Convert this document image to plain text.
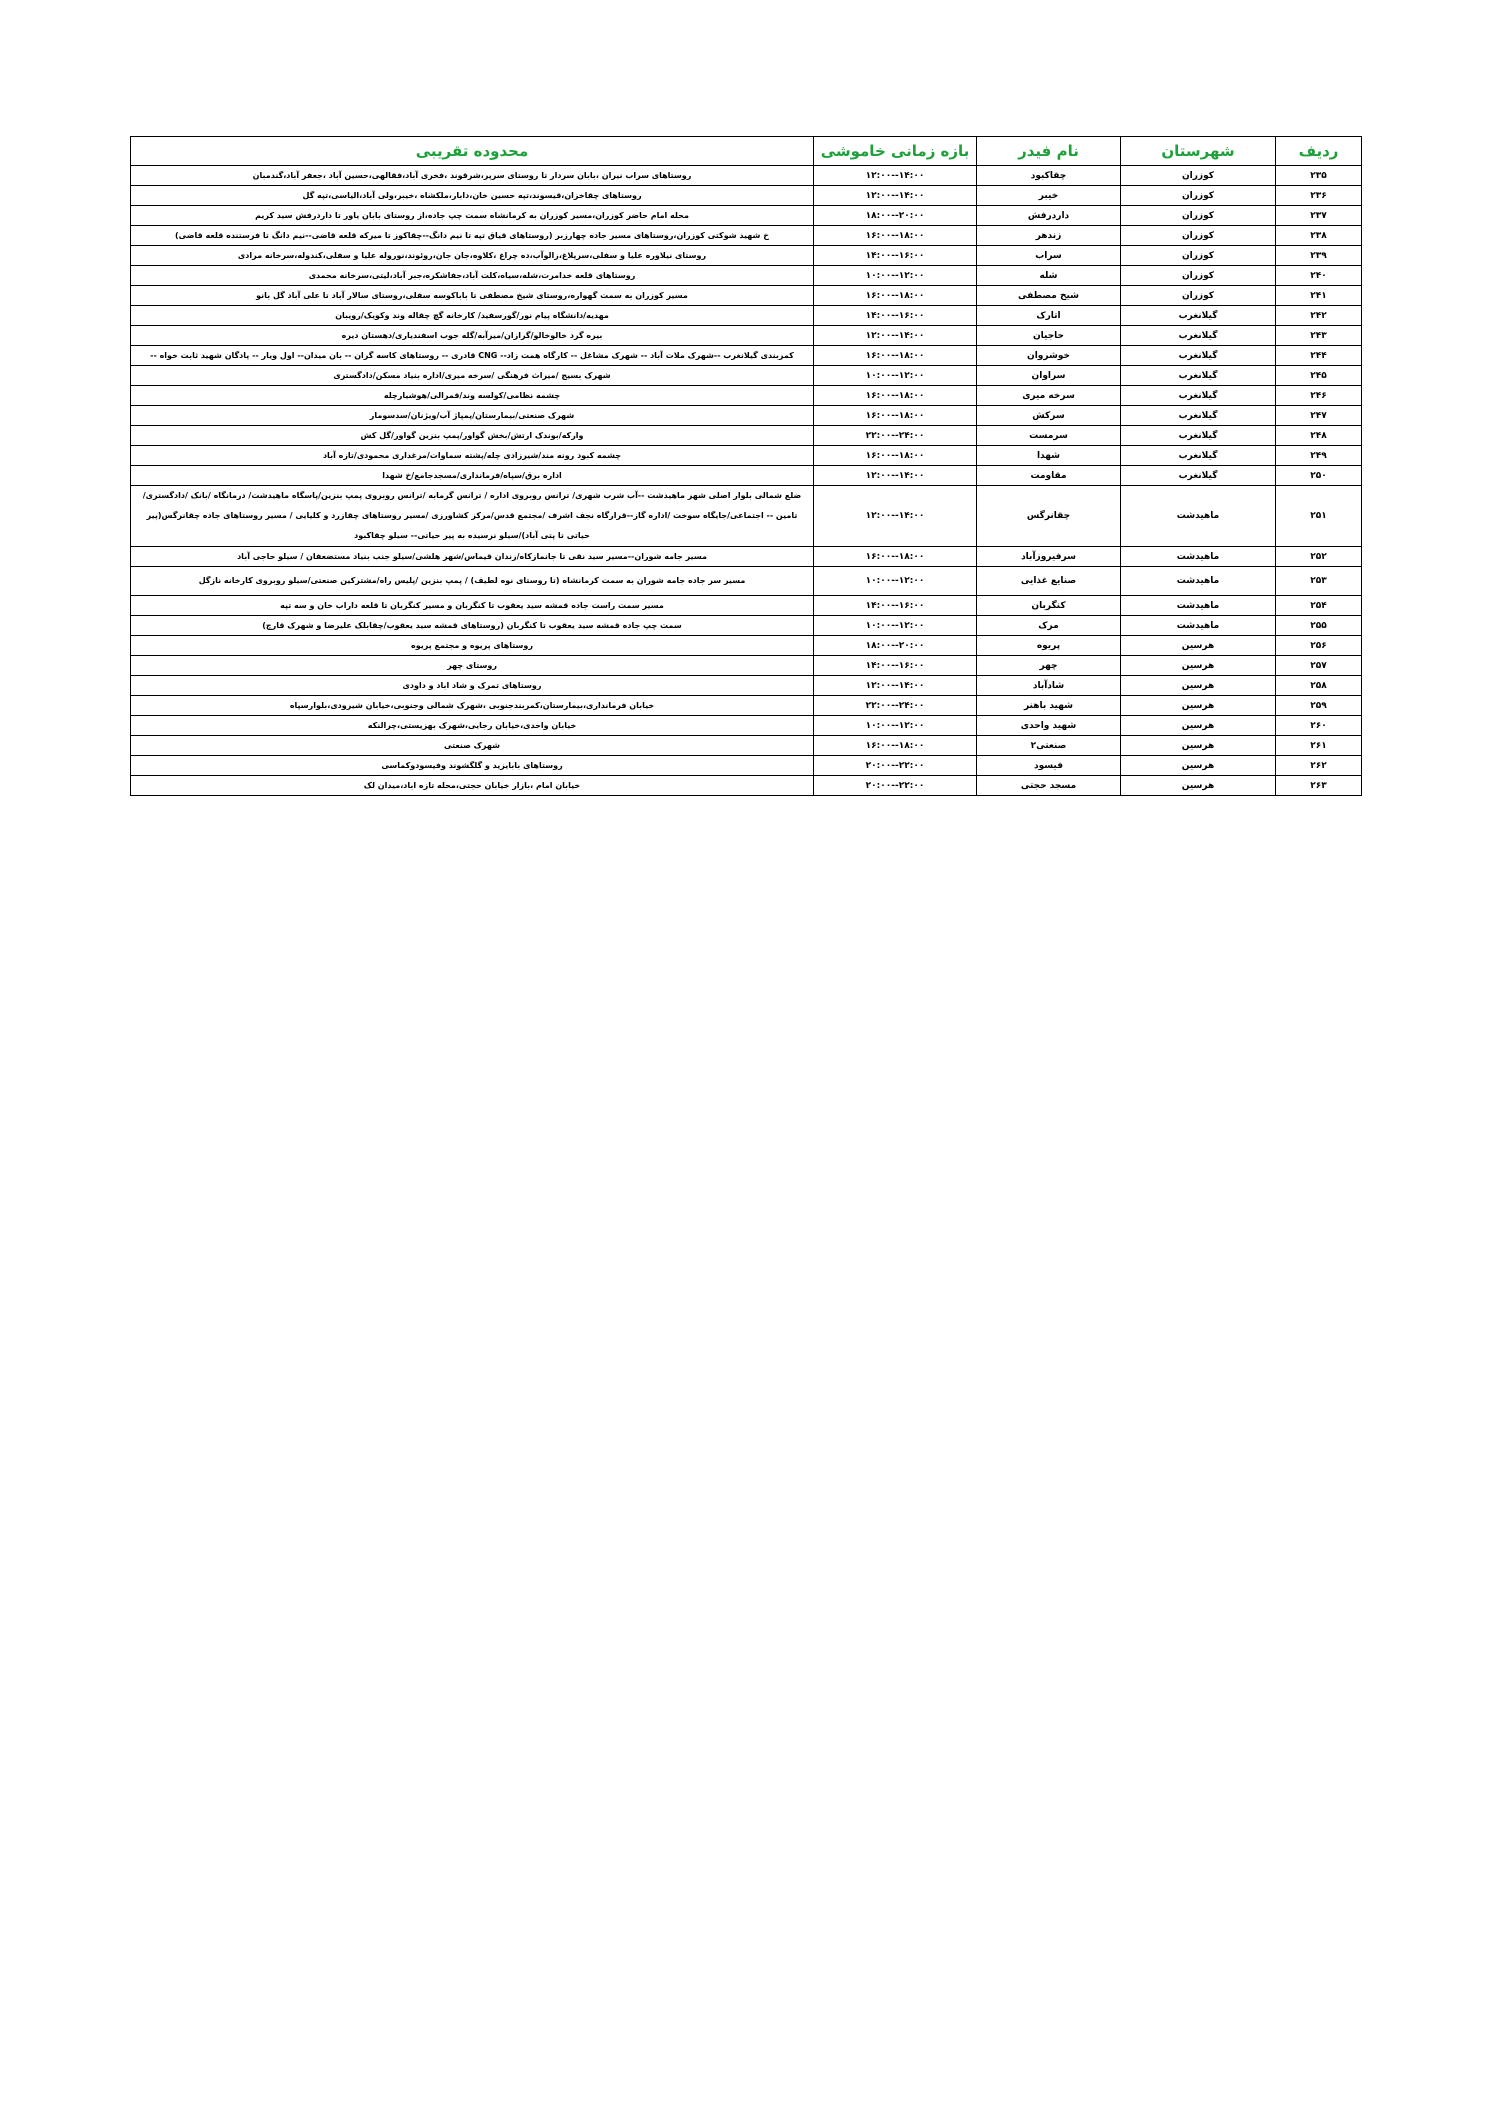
ردیف	شهرستان	نام فیدر	بازه زمانی خاموشی	محدوده تقریبی
۲۳۵	کوزران	چقاکبود	۱۴:۰۰--۱۲:۰۰	روستاهای سراب نیران ،بابان سردار تا روستای سرپر،شرقوند ،فخری آباد،فقالهی،حسین آباد ،جعفر آباد،گندمبان
۲۳۶	کوزران	خیبر	۱۴:۰۰--۱۲:۰۰	روستاهای چقاخزان،قیسوند،تپه حسین خان،دابار،ملکشاه ،خیبر،ولی آباد،الیاسی،تپه گل
۲۳۷	کوزران	داردرفش	۲۰:۰۰--۱۸:۰۰	محله امام حاضر کوزران،مسیر کوزران به کرمانشاه سمت چپ جاده،از روستای بابان یاور تا داردرفش سید کریم
۲۳۸	کوزران	زندهر	۱۸:۰۰--۱۶:۰۰	خ شهید شوکتی کوزران،روستاهای مسیر جاده چهارزبر (روستاهای قیاق تپه تا نیم دانگ--چقاکوز تا میرکه قلعه قاضی--نیم دانگ تا فرستنده قلعه قاضی)
۲۳۹	کوزران	سراب	۱۶:۰۰--۱۴:۰۰	روستای نیلاوره علیا و سفلی،سرپلاغ،زالوآب،ده چراغ ،کلاوه،جان جان،روئوند،نوروله علیا و سفلی،کندوله،سرخانه مرادی
۲۴۰	کوزران	شله	۱۲:۰۰--۱۰:۰۰	روستاهای قلعه خدامرت،شله،سیاه،کلت آباد،جفاشکره،جبر آباد،لیتی،سرخانه محمدی
۲۴۱	کوزران	شیخ مصطفی	۱۸:۰۰--۱۶:۰۰	مسیر کوزران به سمت گهواره،روستای شیخ مصطفی تا باباکوسه سفلی،روستای سالار آباد تا علی آباد گل بانو
۲۴۲	گیلانغرب	اتارک	۱۶:۰۰--۱۴:۰۰	مهدیه/دانشگاه پیام نور/گورسفید/ کارخانه گچ چقاله وند وکویک/رویبان
۲۴۳	گیلانغرب	حاجیان	۱۴:۰۰--۱۲:۰۰	بیره گرد خالوخالو/گرازان/میرآبه/گله جوب اسفندیاری/دهستان دیره
۲۴۴	گیلانغرب	خوشروان	۱۸:۰۰--۱۶:۰۰	کمربندی گیلانغرب --شهرک ملات آباد -- شهرک مشاغل -- کارگاه همت زاد-- CNG قادری -- روستاهای کاسه گران -- بان میدان-- اول ویار -- پادگان شهید ثابت خواه --
۲۴۵	گیلانغرب	سراوان	۱۲:۰۰--۱۰:۰۰	شهرک بسیج /میراث فرهنگی /سرخه میری/اداره بنیاد مسکن/دادگستری
۲۴۶	گیلانغرب	سرخه میری	۱۸:۰۰--۱۶:۰۰	چشمه نظامی/کولسه وند/قمرالی/هوشیارچله
۲۴۷	گیلانغرب	سرکش	۱۸:۰۰--۱۶:۰۰	شهرک صنعتی/بیمارستان/پمپاژ آب/ویژنان/سدسومار
۲۴۸	گیلانغرب	سرمست	۲۴:۰۰--۲۲:۰۰	وارکه/بوندک ارتش/بخش گواور/پمپ بنزین گواور/گل کش
۲۴۹	گیلانغرب	شهدا	۱۸:۰۰--۱۶:۰۰	چشمه کبود رونه مند/شیرزادی چله/پشته سماوات/مرغداری محمودی/تازه آباد
۲۵۰	گیلانغرب	مقاومت	۱۴:۰۰--۱۲:۰۰	اداره برق/سپاه/فرمانداری/مسجدجامع/خ شهدا
۲۵۱	ماهیدشت	چقانرگس	۱۴:۰۰--۱۲:۰۰	ضلع شمالی بلوار اصلی شهر ماهیدشت --آب شرب شهری/ ترانس روبروی اداره / ترانس گرمابه /ترانس روبروی پمپ بنزین/پاسگاه ماهیدشت/ درمانگاه /بانک /دادگستری/تامین -- اجتماعی/جایگاه سوخت /اداره گاز--قرارگاه نجف اشرف /مجتمع قدس/مرکز کشاورزی /مسیر روستاهای چقازرد و کلیایی / مسیر روستاهای جاده چقانرگس(پیر حیاتی تا پتی آباد)/سیلو نرسیده به پیر حیاتی-- سیلو چقاکبود
۲۵۲	ماهیدشت	سرفیروزآباد	۱۸:۰۰--۱۶:۰۰	مسیر جامه شوران--مسیر سید نقی تا جانمازکاه/زندان قیماس/شهر هلشی/سیلو جنب بنیاد مستضعفان / سیلو حاجی آباد
۲۵۳	ماهیدشت	صنایع غذایی	۱۲:۰۰--۱۰:۰۰	مسیر سر جاده جامه شوران به سمت کرمانشاه (تا روستای نوه لطیف) / پمپ بنزین /پلیس راه/مشترکین صنعتی/سیلو روبروی کارخانه نازگل
۲۵۴	ماهیدشت	کنگربان	۱۶:۰۰--۱۴:۰۰	مسیر سمت راست جاده قمشه سید یعقوب تا کنگربان و مسیر کنگربان تا قلعه داراب خان و سه تپه
۲۵۵	ماهیدشت	مرک	۱۲:۰۰--۱۰:۰۰	سمت چپ جاده قمشه سید یعقوب تا کنگربان (روستاهای قمشه سید یعقوب/چقابلک علیرضا و شهرک قارچ)
۲۵۶	هرسین	پریوه	۲۰:۰۰--۱۸:۰۰	روستاهای پریوه و مجتمع پریوه
۲۵۷	هرسین	چهر	۱۶:۰۰--۱۴:۰۰	روستای چهر
۲۵۸	هرسین	شادآباد	۱۴:۰۰--۱۲:۰۰	روستاهای تمرک و شاد اباد و داودی
۲۵۹	هرسین	شهید باهنر	۲۴:۰۰--۲۲:۰۰	خیابان فرمانداری،بیمارستان،کمربندجنوبی ،شهرک شمالی وجنوبی،خیابان شیرودی،بلوارسپاه
۲۶۰	هرسین	شهید واحدی	۱۲:۰۰--۱۰:۰۰	خیابان واحدی،خیابان رجایی،شهرک بهزیستی،چرالنکه
۲۶۱	هرسین	صنعتی۲	۱۸:۰۰--۱۶:۰۰	شهرک صنعتی
۲۶۲	هرسین	فیسود	۲۲:۰۰--۲۰:۰۰	روستاهای بابایزید و گلگشوند وفیسودوکماسی
۲۶۳	هرسین	مسجد حجتی	۲۲:۰۰--۲۰:۰۰	خیابان امام ،بازار خیابان حجتی،محله تازه اباد،میدان لک
